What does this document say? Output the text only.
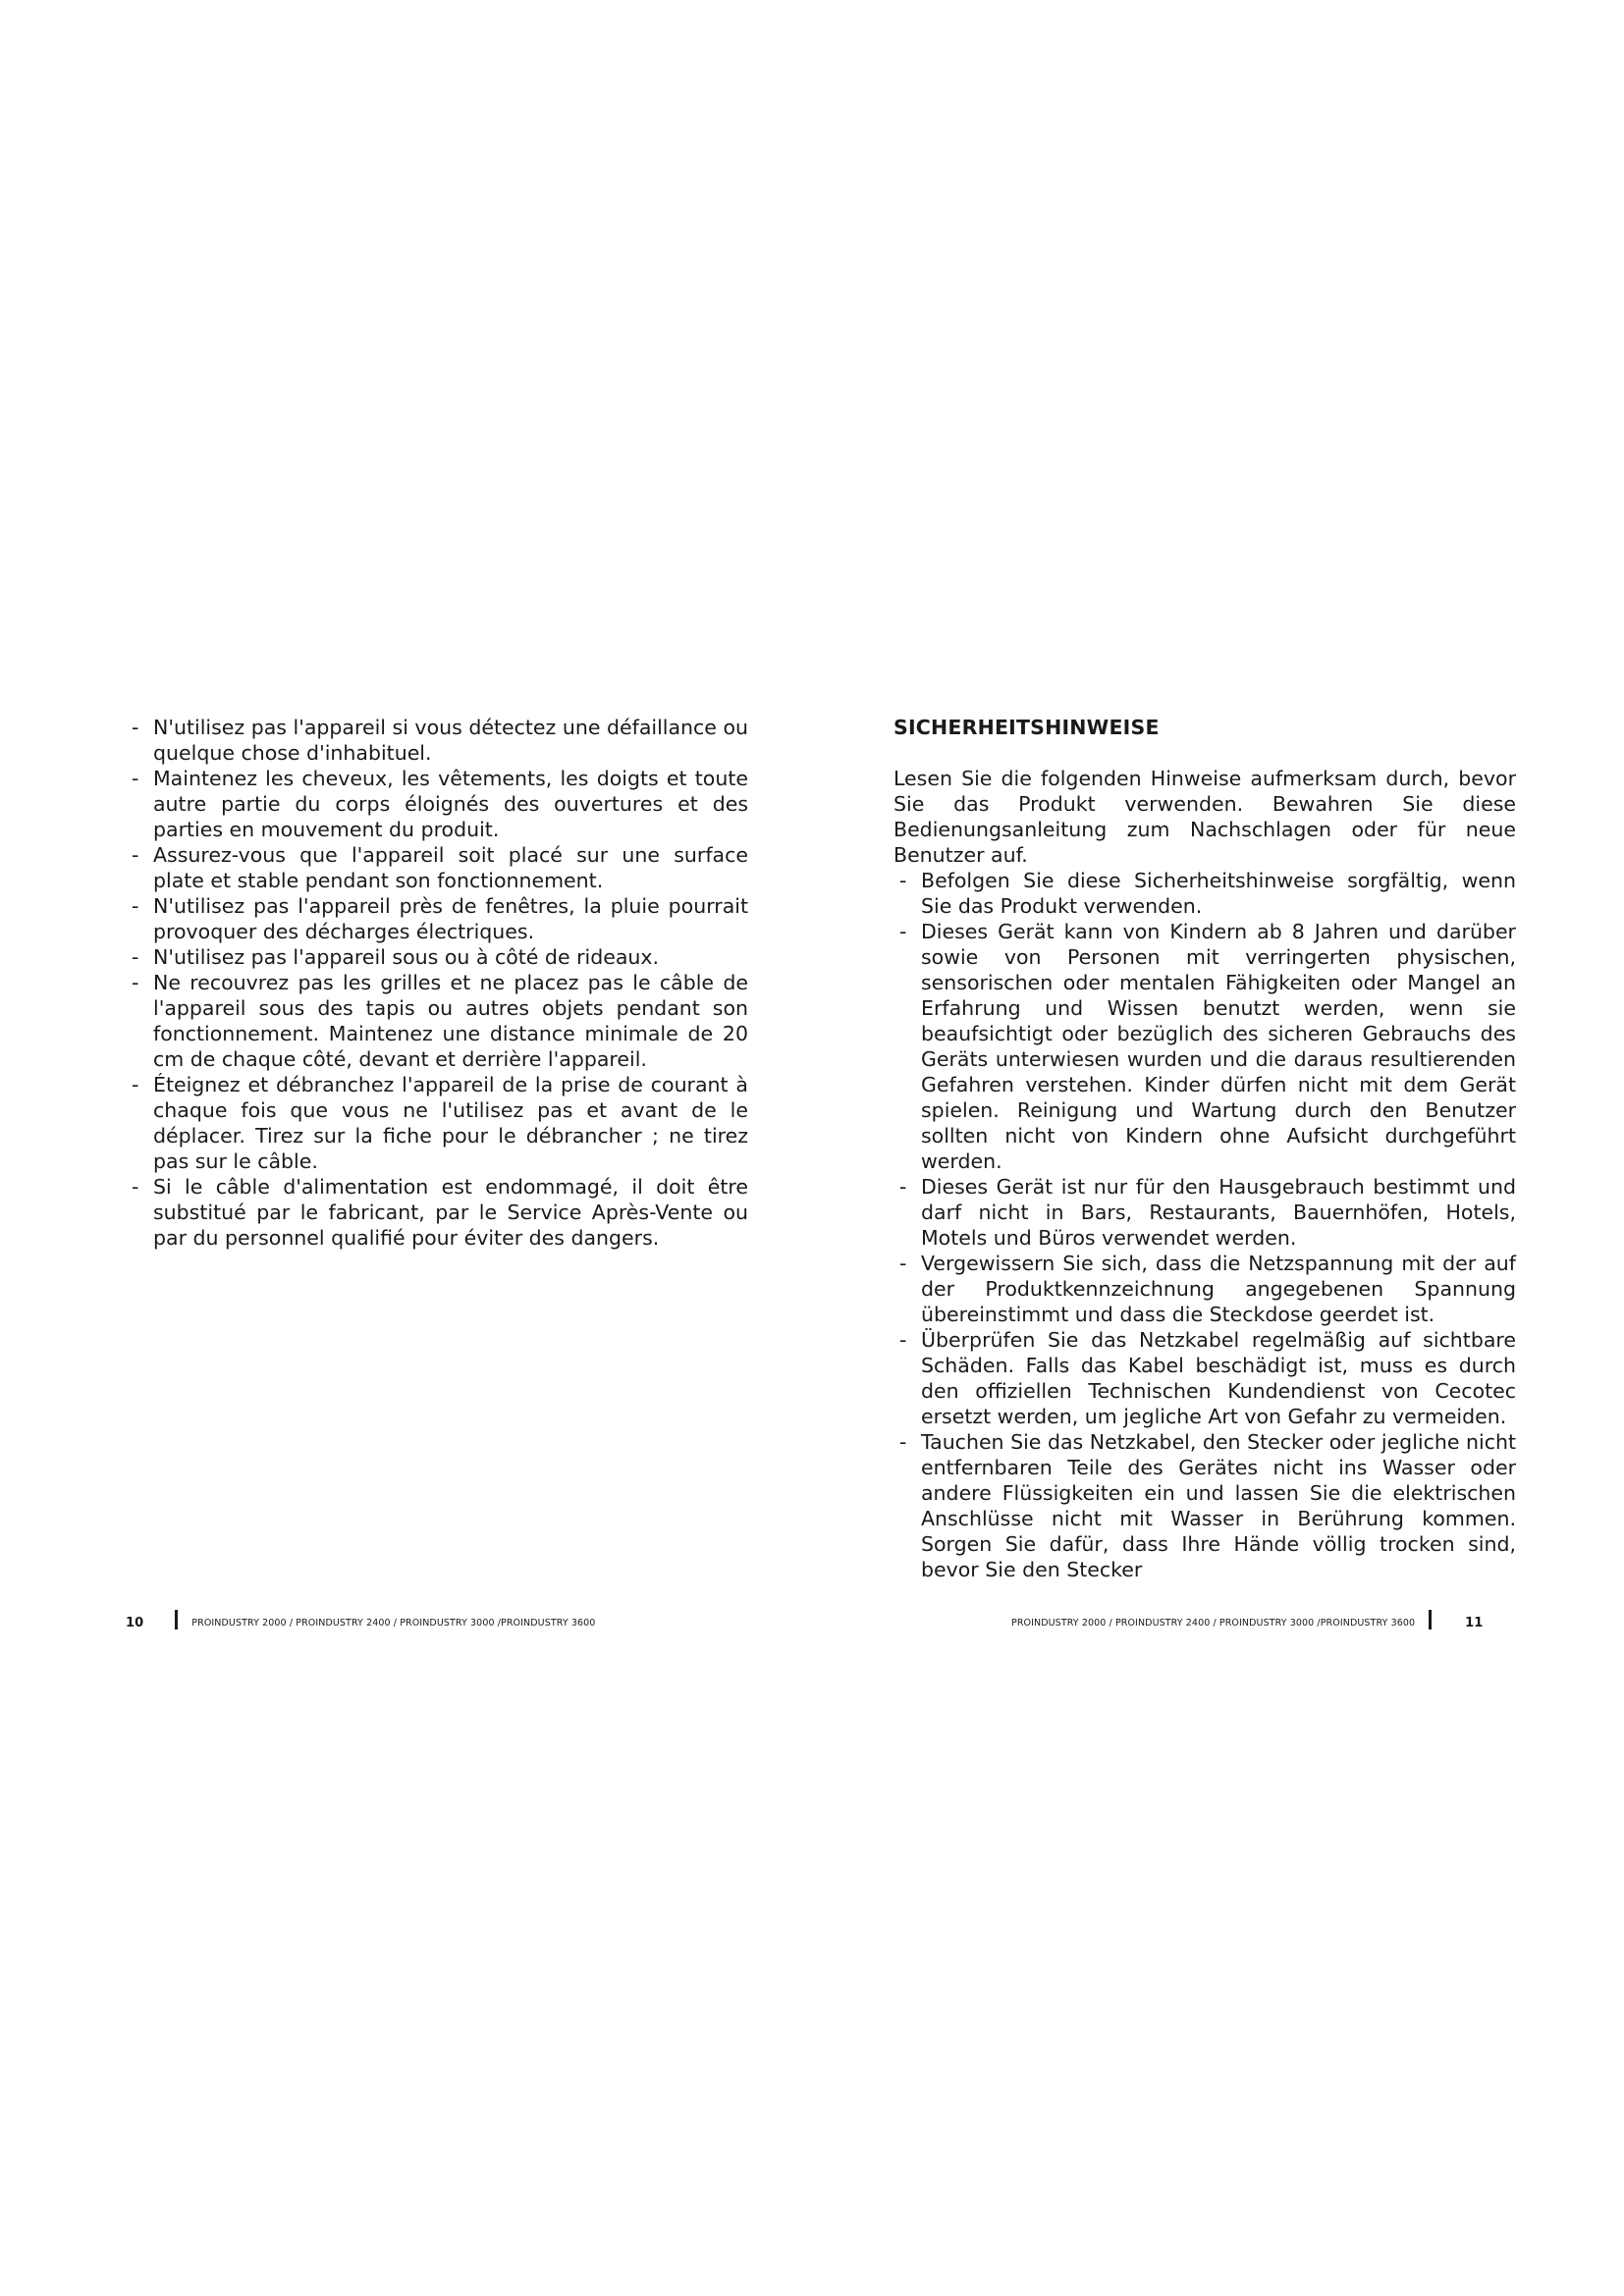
- N'utilisez pas l'appareil si vous détectez une défaillance ou quelque chose d'inhabituel.
- Maintenez les cheveux, les vêtements, les doigts et toute autre partie du corps éloignés des ouvertures et des parties en mouvement du produit.
- Assurez-vous que l'appareil soit placé sur une surface plate et stable pendant son fonctionnement.
- N'utilisez pas l'appareil près de fenêtres, la pluie pourrait provoquer des décharges électriques.
- N'utilisez pas l'appareil sous ou à côté de rideaux.
- Ne recouvrez pas les grilles et ne placez pas le câble de l'appareil sous des tapis ou autres objets pendant son fonctionnement. Maintenez une distance minimale de 20 cm de chaque côté, devant et derrière l'appareil.
- Éteignez et débranchez l'appareil de la prise de courant à chaque fois que vous ne l'utilisez pas et avant de le déplacer. Tirez sur la fiche pour le débrancher ; ne tirez pas sur le câble.
- Si le câble d'alimentation est endommagé, il doit être substitué par le fabricant, par le Service Après-Vente ou par du personnel qualifié pour éviter des dangers.
SICHERHEITSHINWEISE

Lesen Sie die folgenden Hinweise aufmerksam durch, bevor Sie das Produkt verwenden. Bewahren Sie diese Bedienungsanleitung zum Nachschlagen oder für neue Benutzer auf.

- Befolgen Sie diese Sicherheitshinweise sorgfältig, wenn Sie das Produkt verwenden.
- Dieses Gerät kann von Kindern ab 8 Jahren und darüber sowie von Personen mit verringerten physischen, sensorischen oder mentalen Fähigkeiten oder Mangel an Erfahrung und Wissen benutzt werden, wenn sie beaufsichtigt oder bezüglich des sicheren Gebrauchs des Geräts unterwiesen wurden und die daraus resultierenden Gefahren verstehen. Kinder dürfen nicht mit dem Gerät spielen. Reinigung und Wartung durch den Benutzer sollten nicht von Kindern ohne Aufsicht durchgeführt werden.
- Dieses Gerät ist nur für den Hausgebrauch bestimmt und darf nicht in Bars, Restaurants, Bauernhöfen, Hotels, Motels und Büros verwendet werden.
- Vergewissern Sie sich, dass die Netzspannung mit der auf der Produktkennzeichnung angegebenen Spannung übereinstimmt und dass die Steckdose geerdet ist.
- Überprüfen Sie das Netzkabel regelmäßig auf sichtbare Schäden. Falls das Kabel beschädigt ist, muss es durch den offiziellen Technischen Kundendienst von Cecotec ersetzt werden, um jegliche Art von Gefahr zu vermeiden.
- Tauchen Sie das Netzkabel, den Stecker oder jegliche nicht entfernbaren Teile des Gerätes nicht ins Wasser oder andere Flüssigkeiten ein und lassen Sie die elektrischen Anschlüsse nicht mit Wasser in Berührung kommen. Sorgen Sie dafür, dass Ihre Hände völlig trocken sind, bevor Sie den Stecker
10	PROINDUSTRY 2000 / PROINDUSTRY 2400 / PROINDUSTRY 3000 /PROINDUSTRY 3600	PROINDUSTRY 2000 / PROINDUSTRY 2400 / PROINDUSTRY 3000 /PROINDUSTRY 3600	11
